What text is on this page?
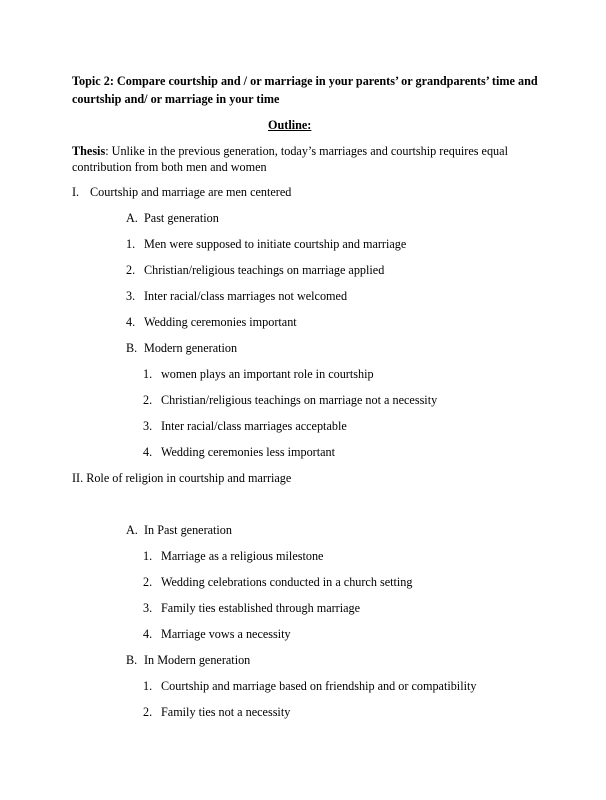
Topic 2: Compare courtship and / or marriage in your parents’ or grandparents’ time and
courtship and/ or marriage in your time
Outline:
Thesis: Unlike in the previous generation, today’s marriages and courtship requires equal
contribution from both men and women
I. Courtship and marriage are men centered
A. Past generation
1. Men were supposed to initiate courtship and marriage
2. Christian/religious teachings on marriage applied
3. Inter racial/class marriages not welcomed
4. Wedding ceremonies important
B. Modern generation
1. women plays an important role in courtship
2. Christian/religious teachings on marriage not a necessity
3. Inter racial/class marriages acceptable
4. Wedding ceremonies less important
II. Role of religion in courtship and marriage
A. In Past generation
1. Marriage as a religious milestone
2. Wedding celebrations conducted in a church setting
3. Family ties established through marriage
4. Marriage vows a necessity
B. In Modern generation
1. Courtship and marriage based on friendship and or compatibility
2. Family ties not a necessity
